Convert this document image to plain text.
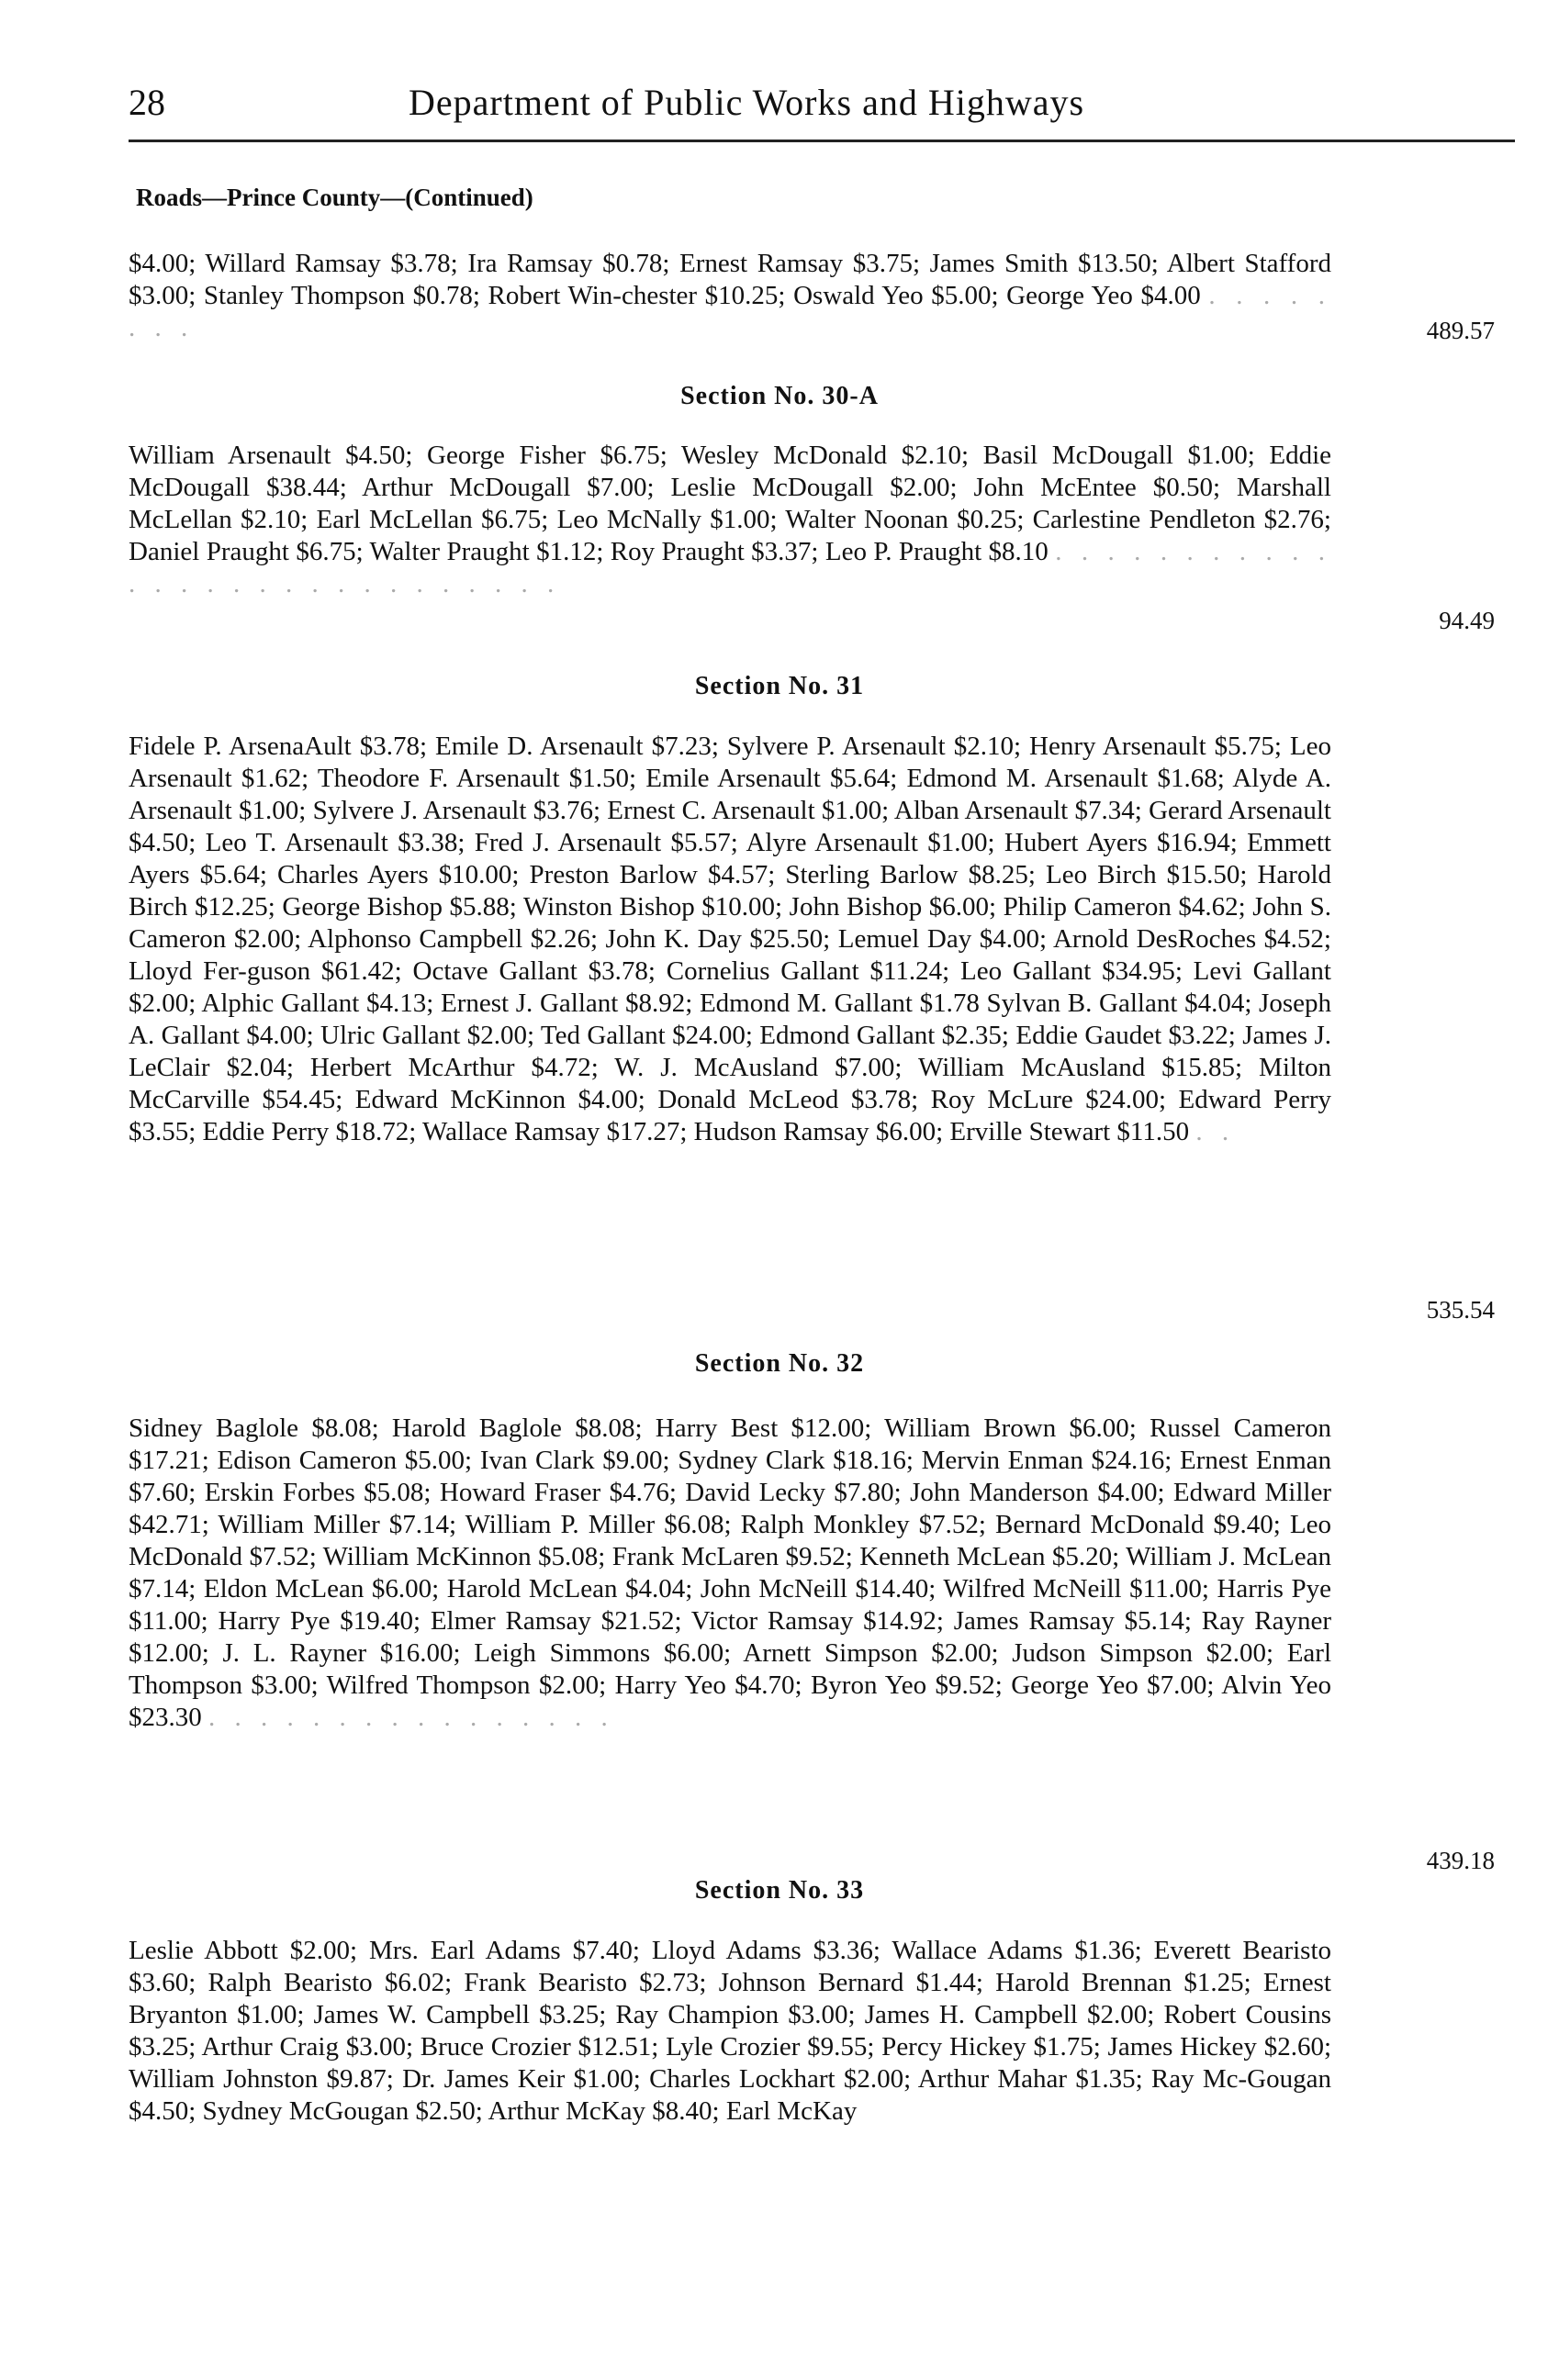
28	Department of Public Works and Highways
Roads—Prince County—(Continued)

$4.00; Willard Ramsay $3.78; Ira Ramsay $0.78; Ernest Ramsay $3.75; James Smith $13.50; Albert Stafford $3.00; Stanley Thompson $0.78; Robert Win-chester $10.25; Oswald Yeo $5.00; George Yeo $4.00 . . . . . . . .	489.57
Section No. 30-A

William Arsenault $4.50; George Fisher $6.75; Wesley McDonald $2.10; Basil McDougall $1.00; Eddie McDougall $38.44; Arthur McDougall $7.00; Leslie McDougall $2.00; John McEntee $0.50; Marshall McLellan $2.10; Earl McLellan $6.75; Leo McNally $1.00; Walter Noonan $0.25; Carlestine Pendleton $2.76; Daniel Praught $6.75; Walter Praught $1.12; Roy Praught $3.37; Leo P. Praught $8.10 . . . . . . . . . . . . . . . . . . . . . . . . . . . .

94.49
Section No. 31

Fidele P. ArsenaAult $3.78; Emile D. Arsenault $7.23; Sylvere P. Arsenault $2.10; Henry Arsenault $5.75; Leo Arsenault $1.62; Theodore F. Arsenault $1.50; Emile Arsenault $5.64; Edmond M. Arsenault $1.68; Alyde A. Arsenault $1.00; Sylvere J. Arsenault $3.76; Ernest C. Arsenault $1.00; Alban Arsenault $7.34; Gerard Arsenault $4.50; Leo T. Arsenault $3.38; Fred J. Arsenault $5.57; Alyre Arsenault $1.00; Hubert Ayers $16.94; Emmett Ayers $5.64; Charles Ayers $10.00; Preston Barlow $4.57; Sterling Barlow $8.25; Leo Birch $15.50; Harold Birch $12.25; George Bishop $5.88; Winston Bishop $10.00; John Bishop $6.00; Philip Cameron $4.62; John S. Cameron $2.00; Alphonso Campbell $2.26; John K. Day $25.50; Lemuel Day $4.00; Arnold DesRoches $4.52; Lloyd Fer-guson $61.42; Octave Gallant $3.78; Cornelius Gallant $11.24; Leo Gallant $34.95; Levi Gallant $2.00; Alphic Gallant $4.13; Ernest J. Gallant $8.92; Edmond M. Gallant $1.78 Sylvan B. Gallant $4.04; Joseph A. Gallant $4.00; Ulric Gallant $2.00; Ted Gallant $24.00; Edmond Gallant $2.35; Eddie Gaudet $3.22; James J. LeClair $2.04; Herbert McArthur $4.72; W. J. McAusland $7.00; William McAusland $15.85; Milton McCarville $54.45; Edward McKinnon $4.00; Donald McLeod $3.78; Roy McLure $24.00; Edward Perry $3.55; Eddie Perry $18.72; Wallace Ramsay $17.27; Hudson Ramsay $6.00; Erville Stewart $11.50 . .

535.54
Section No. 32

Sidney Baglole $8.08; Harold Baglole $8.08; Harry Best $12.00; William Brown $6.00; Russel Cameron $17.21; Edison Cameron $5.00; Ivan Clark $9.00; Sydney Clark $18.16; Mervin Enman $24.16; Ernest Enman $7.60; Erskin Forbes $5.08; Howard Fraser $4.76; David Lecky $7.80; John Manderson $4.00; Edward Miller $42.71; William Miller $7.14; William P. Miller $6.08; Ralph Monkley $7.52; Bernard McDonald $9.40; Leo McDonald $7.52; William McKinnon $5.08; Frank McLaren $9.52; Kenneth McLean $5.20; William J. McLean $7.14; Eldon McLean $6.00; Harold McLean $4.04; John McNeill $14.40; Wilfred McNeill $11.00; Harris Pye $11.00; Harry Pye $19.40; Elmer Ramsay $21.52; Victor Ramsay $14.92; James Ramsay $5.14; Ray Rayner $12.00; J. L. Rayner $16.00; Leigh Simmons $6.00; Arnett Simpson $2.00; Judson Simpson $2.00; Earl Thompson $3.00; Wilfred Thompson $2.00; Harry Yeo $4.70; Byron Yeo $9.52; George Yeo $7.00; Alvin Yeo $23.30 . . . . . . . . . . . . . . . .

439.18
Section No. 33

Leslie Abbott $2.00; Mrs. Earl Adams $7.40; Lloyd Adams $3.36; Wallace Adams $1.36; Everett Bearisto $3.60; Ralph Bearisto $6.02; Frank Bearisto $2.73; Johnson Bernard $1.44; Harold Brennan $1.25; Ernest Bryanton $1.00; James W. Campbell $3.25; Ray Champion $3.00; James H. Campbell $2.00; Robert Cousins $3.25; Arthur Craig $3.00; Bruce Crozier $12.51; Lyle Crozier $9.55; Percy Hickey $1.75; James Hickey $2.60; William Johnston $9.87; Dr. James Keir $1.00; Charles Lockhart $2.00; Arthur Mahar $1.35; Ray Mc-Gougan $4.50; Sydney McGougan $2.50; Arthur McKay $8.40; Earl McKay
